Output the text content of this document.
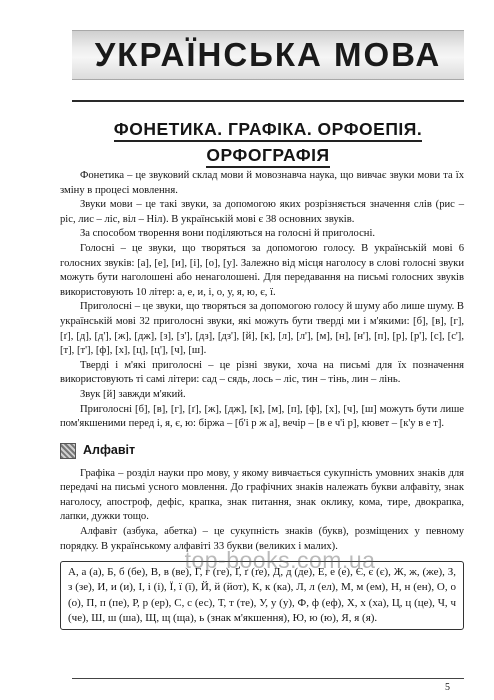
УКРАЇНСЬКА МОВА
ФОНЕТИКА. ГРАФІКА. ОРФОЕПІЯ.
ОРФОГРАФІЯ

Фонетика – це звуковий склад мови й мовознавча наука, що вивчає звуки мови та їх зміну в процесі мовлення.

Звуки мови – це такі звуки, за допомогою яких розрізняється значення слів (рис – ріс, лис – ліс, віл – Ніл). В українській мові є 38 основних звуків.

За способом творення вони поділяються на голосні й приголосні.

Голосні – це звуки, що творяться за допомогою голосу. В українській мові 6 голосних звуків: [а], [е], [и], [і], [о], [у]. Залежно від місця наголосу в слові голосні звуки можуть бути наголошені або ненаголошені. Для передавання на письмі голосних звуків використовують 10 літер: а, е, и, і, о, у, я, ю, є, ї.

Приголосні – це звуки, що творяться за допомогою голосу й шуму або лише шуму. В українській мові 32 приголосні звуки, які можуть бути тверді ми і м'якими: [б], [в], [г], [ґ], [д], [д'], [ж], [дж], [з], [з'], [дз], [дз'], [й], [к], [л], [л'], [м], [н], [н'], [п], [р], [р'], [с], [с'], [т], [т'], [ф], [х], [ц], [ц'], [ч], [ш].

Тверді і м'які приголосні – це різні звуки, хоча на письмі для їх позначення використовують ті самі літери: сад – сядь, лось – ліс, тин – тінь, лин – лінь.

Звук [й] завжди м'який.

Приголосні [б], [в], [г], [ґ], [ж], [дж], [к], [м], [п], [ф], [х], [ч], [ш] можуть бути лише пом'якшеними перед і, я, є, ю: біржа – [б'і р ж а], вечір – [в е ч'і р], кювет – [к'у в е т].

Алфавіт

Графіка – розділ науки про мову, у якому вивчається сукупність умовних знаків для передачі на письмі усного мовлення. До графічних знаків належать букви алфавіту, знак наголосу, апостроф, дефіс, крапка, знак питання, знак оклику, кома, тире, двокрапка, лапки, дужки тощо.

Алфавіт (азбука, абетка) – це сукупність знаків (букв), розміщених у певному порядку. В українському алфавіті 33 букви (великих і малих).

А, а (а), Б, б (бе), В, в (ве), Г, г (ге), Ґ, ґ (ґе), Д, д (де), Е, е (е), Є, є (є), Ж, ж, (же), З, з (зе), И, и (и), І, і (і), Ї, ї (ї), Й, й (йот), К, к (ка), Л, л (ел), М, м (ем), Н, н (ен), О, о (о), П, п (пе), Р, р (ер), С, с (ес), Т, т (те), У, у (у), Ф, ф (еф), Х, х (ха), Ц, ц (це), Ч, ч (че), Ш, ш (ша), Щ, щ (ща), ь (знак м'якшення), Ю, ю (ю), Я, я (я).
top-books.com.ua
5
